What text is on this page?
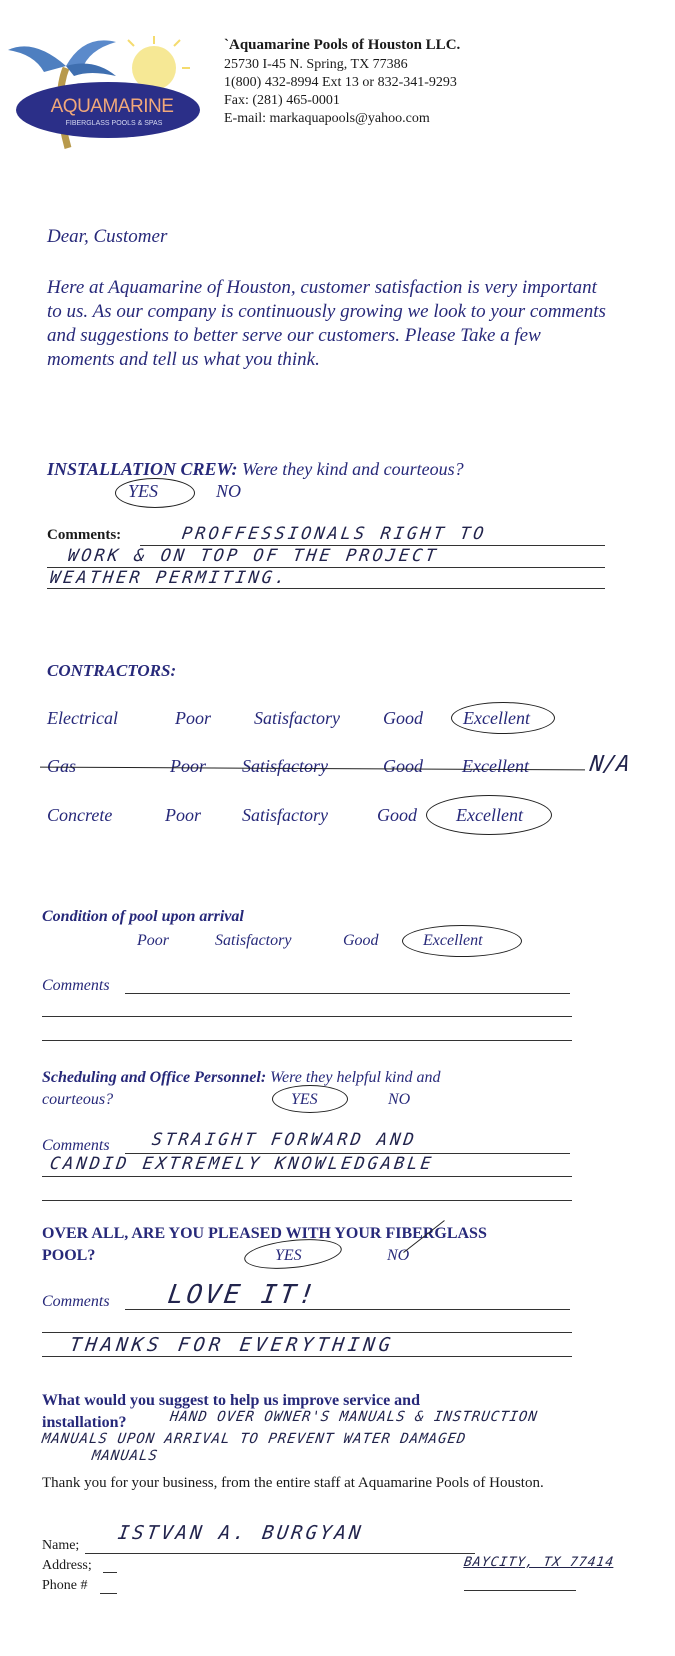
AQUAMARINE
FIBERGLASS POOLS & SPAS
`Aquamarine Pools of Houston LLC.
25730 I-45 N. Spring, TX 77386
1(800) 432-8994 Ext 13 or 832-341-9293
Fax: (281) 465-0001
E-mail: markaquapools@yahoo.com
Dear, Customer
Here at Aquamarine of Houston, customer satisfaction is very important to us. As our company is continuously growing we look to your comments and suggestions to better serve our customers. Please Take a few moments and tell us what you think.
INSTALLATION CREW: Were they kind and courteous?
YES	NO
Comments:	PROFFESSIONALS RIGHT TO
WORK & ON TOP OF THE PROJECT
WEATHER PERMITING.
CONTRACTORS:
Electrical	Poor Satisfactory Good Excellent
Gas	Poor Satisfactory	Good Excellent	N/A
Concrete	Poor Satisfactory	Good Excellent
Condition of pool upon arrival
Poor	Satisfactory	Good	Excellent
Comments
Scheduling and Office Personnel: Were they helpful kind and
courteous?	YES	NO
Comments STRAIGHT FORWARD AND
CANDID EXTREMELY KNOWLEDGABLE
OVER ALL, ARE YOU PLEASED WITH YOUR FIBERGLASS
POOL?	YES	NO
Comments LOVE IT!
THANKS FOR EVERYTHING
What would you suggest to help us improve service and
installation?	HAND OVER OWNER'S MANUALS & INSTRUCTION
MANUALS UPON ARRIVAL TO PREVENT WATER DAMAGED
MANUALS
Thank you for your business, from the entire staff at Aquamarine Pools of Houston.
Name;
ISTVAN A. BURGYAN
Address;	BAYCITY, TX 77414
Phone #
